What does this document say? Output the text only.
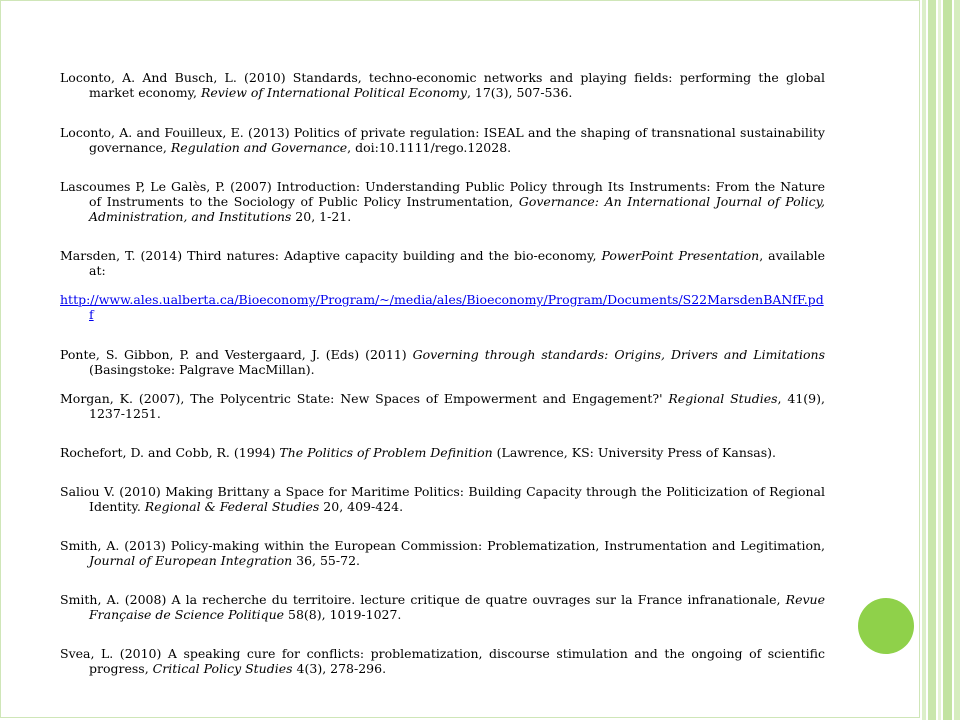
Loconto, A. And Busch, L. (2010) Standards, techno-economic networks and playing fields: performing the global market economy, Review of International Political Economy, 17(3), 507-536.

Loconto, A. and Fouilleux, E. (2013) Politics of private regulation: ISEAL and the shaping of transnational sustainability governance, Regulation and Governance, doi:10.1111/rego.12028.

Lascoumes P, Le Galès, P. (2007) Introduction: Understanding Public Policy through Its Instruments: From the Nature of Instruments to the Sociology of Public Policy Instrumentation, Governance: An International Journal of Policy, Administration, and Institutions 20, 1-21.

Marsden, T. (2014) Third natures: Adaptive capacity building and the bio-economy, PowerPoint Presentation, available at:

http://www.ales.ualberta.ca/Bioeconomy/Program/~/media/ales/Bioeconomy/Program/Documents/S22MarsdenBANfF.pdf

Ponte, S. Gibbon, P. and Vestergaard, J. (Eds) (2011) Governing through standards: Origins, Drivers and Limitations (Basingstoke: Palgrave MacMillan).

Morgan, K. (2007), The Polycentric State: New Spaces of Empowerment and Engagement?' Regional Studies, 41(9), 1237-1251.

Rochefort, D. and Cobb, R. (1994) The Politics of Problem Definition (Lawrence, KS: University Press of Kansas).

Saliou V. (2010) Making Brittany a Space for Maritime Politics: Building Capacity through the Politicization of Regional Identity. Regional & Federal Studies 20, 409-424.

Smith, A. (2013) Policy-making within the European Commission: Problematization, Instrumentation and Legitimation, Journal of European Integration 36, 55-72.

Smith, A. (2008) A la recherche du territoire. lecture critique de quatre ouvrages sur la France infranationale, Revue Française de Science Politique 58(8), 1019-1027.

Svea, L. (2010) A speaking cure for conflicts: problematization, discourse stimulation and the ongoing of scientific progress, Critical Policy Studies 4(3), 278-296.
